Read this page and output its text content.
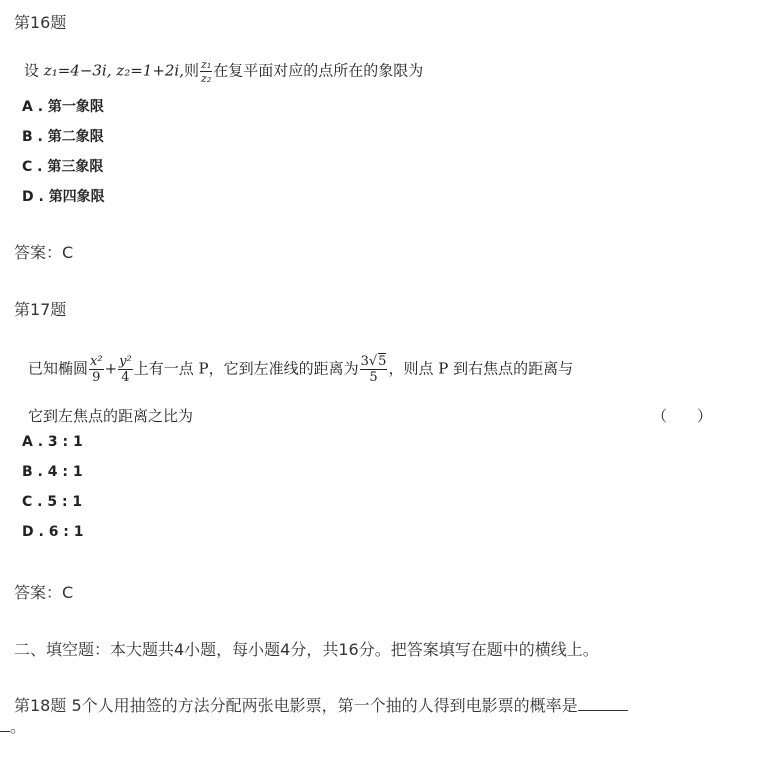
第16题
设 z₁=4−3i, z₂=1+2i,则 $\frac{\text{z₁}}{\text{z₂}}$ 在复平面对应的点所在的象限为
A . 第一象限
B . 第二象限
C . 第三象限
D . 第四象限
答案：C
第17题
已知椭圆 $\frac{\text{x²}}{9} + \frac{\text{y²}}{4}$ 上有一点 P，它到左准线的距离为 $\frac{3√5}{5}$ ，则点 P 到右焦点的距离与
它到左焦点的距离之比为	（　　）
A . 3 : 1
B . 4 : 1
C . 5 : 1
D . 6 : 1
答案：C
二、填空题：本大题共4小题，每小题4分，共16分。把答案填写在题中的横线上。
第18题 5个人用抽签的方法分配两张电影票，第一个抽的人得到电影票的概率是
。
